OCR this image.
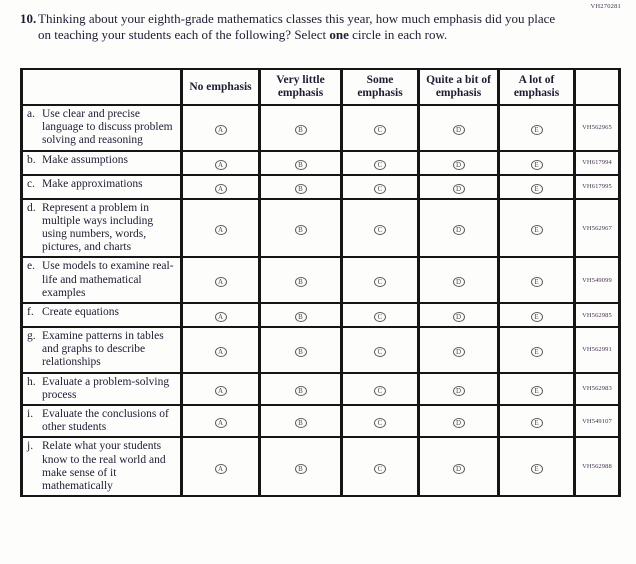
VH270281
10. Thinking about your eighth-grade mathematics classes this year, how much emphasis did you place on teaching your students each of the following? Select one circle in each row.
	No emphasis	Very little emphasis	Some emphasis	Quite a bit of emphasis	A lot of emphasis	

a. Use clear and precise language to discuss problem solving and reasoning	A	B	C	D	E	VH562965

b. Make assumptions	A	B	C	D	E	VH617994

c. Make approximations	A	B	C	D	E	VH617995

d. Represent a problem in multiple ways including using numbers, words, pictures, and charts	A	B	C	D	E	VH562967

e. Use models to examine real-life and mathematical examples	A	B	C	D	E	VH549099

f. Create equations	A	B	C	D	E	VH562985

g. Examine patterns in tables and graphs to describe relationships	A	B	C	D	E	VH562991

h. Evaluate a problem-solving process	A	B	C	D	E	VH562983

i. Evaluate the conclusions of other students	A	B	C	D	E	VH549107

j. Relate what your students know to the real world and make sense of it mathematically	A	B	C	D	E	VH562988
